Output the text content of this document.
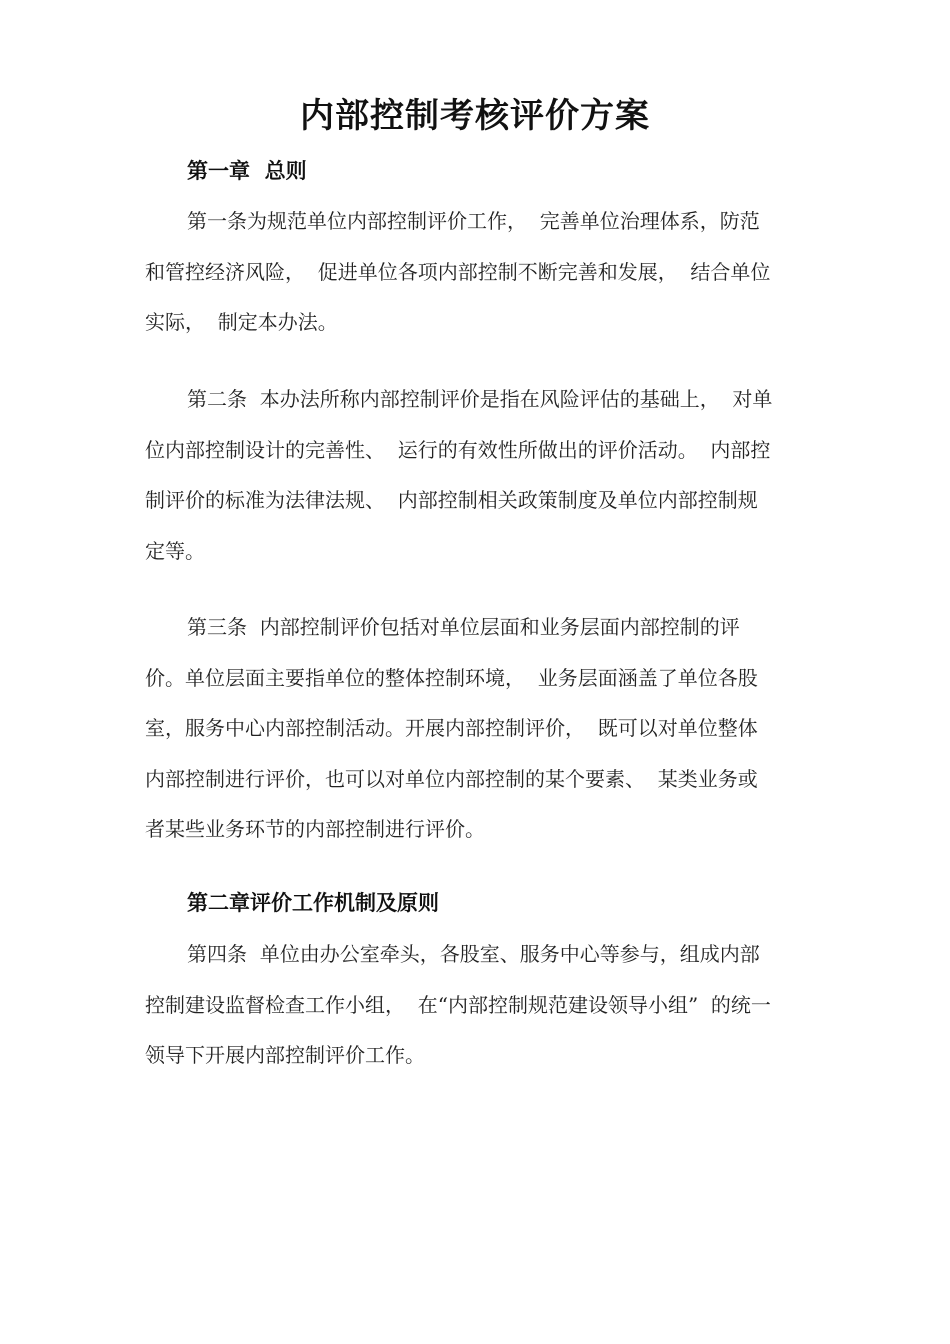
内部控制考核评价方案
第一章  总则
第一条为规范单位内部控制评价工作，  完善单位治理体系，防范
和管控经济风险，  促进单位各项内部控制不断完善和发展，  结合单位
实际，  制定本办法。
第二条  本办法所称内部控制评价是指在风险评估的基础上，  对单
位内部控制设计的完善性、  运行的有效性所做出的评价活动。  内部控
制评价的标准为法律法规、  内部控制相关政策制度及单位内部控制规
定等。
第三条  内部控制评价包括对单位层面和业务层面内部控制的评
价。单位层面主要指单位的整体控制环境，  业务层面涵盖了单位各股
室，服务中心内部控制活动。开展内部控制评价，  既可以对单位整体
内部控制进行评价，也可以对单位内部控制的某个要素、  某类业务或
者某些业务环节的内部控制进行评价。
第二章评价工作机制及原则
第四条  单位由办公室牵头，各股室、服务中心等参与，组成内部
控制建设监督检查工作小组，  在“内部控制规范建设领导小组”  的统一
领导下开展内部控制评价工作。
